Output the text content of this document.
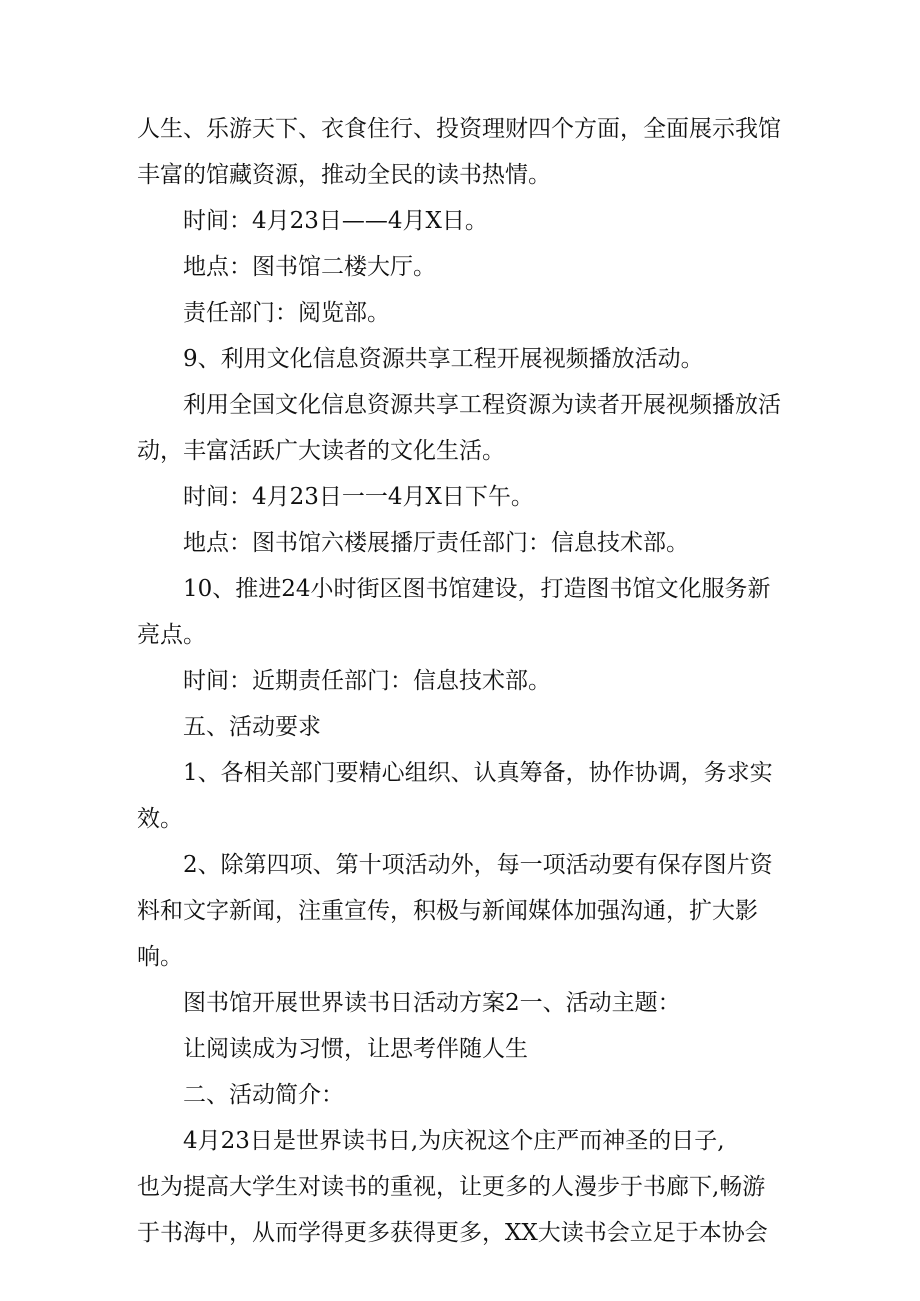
人生、乐游天下、衣食住行、投资理财四个方面，全面展示我馆丰富的馆藏资源，推动全民的读书热情。

时间：4月23日——4月X日。

地点：图书馆二楼大厅。

责任部门：阅览部。

9、利用文化信息资源共享工程开展视频播放活动。

利用全国文化信息资源共享工程资源为读者开展视频播放活动，丰富活跃广大读者的文化生活。

时间：4月23日一一4月X日下午。

地点：图书馆六楼展播厅责任部门：信息技术部。

10、推进24小时街区图书馆建设，打造图书馆文化服务新亮点。

时间：近期责任部门：信息技术部。

五、活动要求

1、各相关部门要精心组织、认真筹备，协作协调，务求实效。

2、除第四项、第十项活动外，每一项活动要有保存图片资料和文字新闻，注重宣传，积极与新闻媒体加强沟通，扩大影响。

图书馆开展世界读书日活动方案2一、活动主题：

让阅读成为习惯，让思考伴随人生

二、活动简介：

4月23日是世界读书日,为庆祝这个庄严而神圣的日子,

也为提高大学生对读书的重视，让更多的人漫步于书廊下,畅游于书海中，从而学得更多获得更多，XX大读书会立足于本协会
